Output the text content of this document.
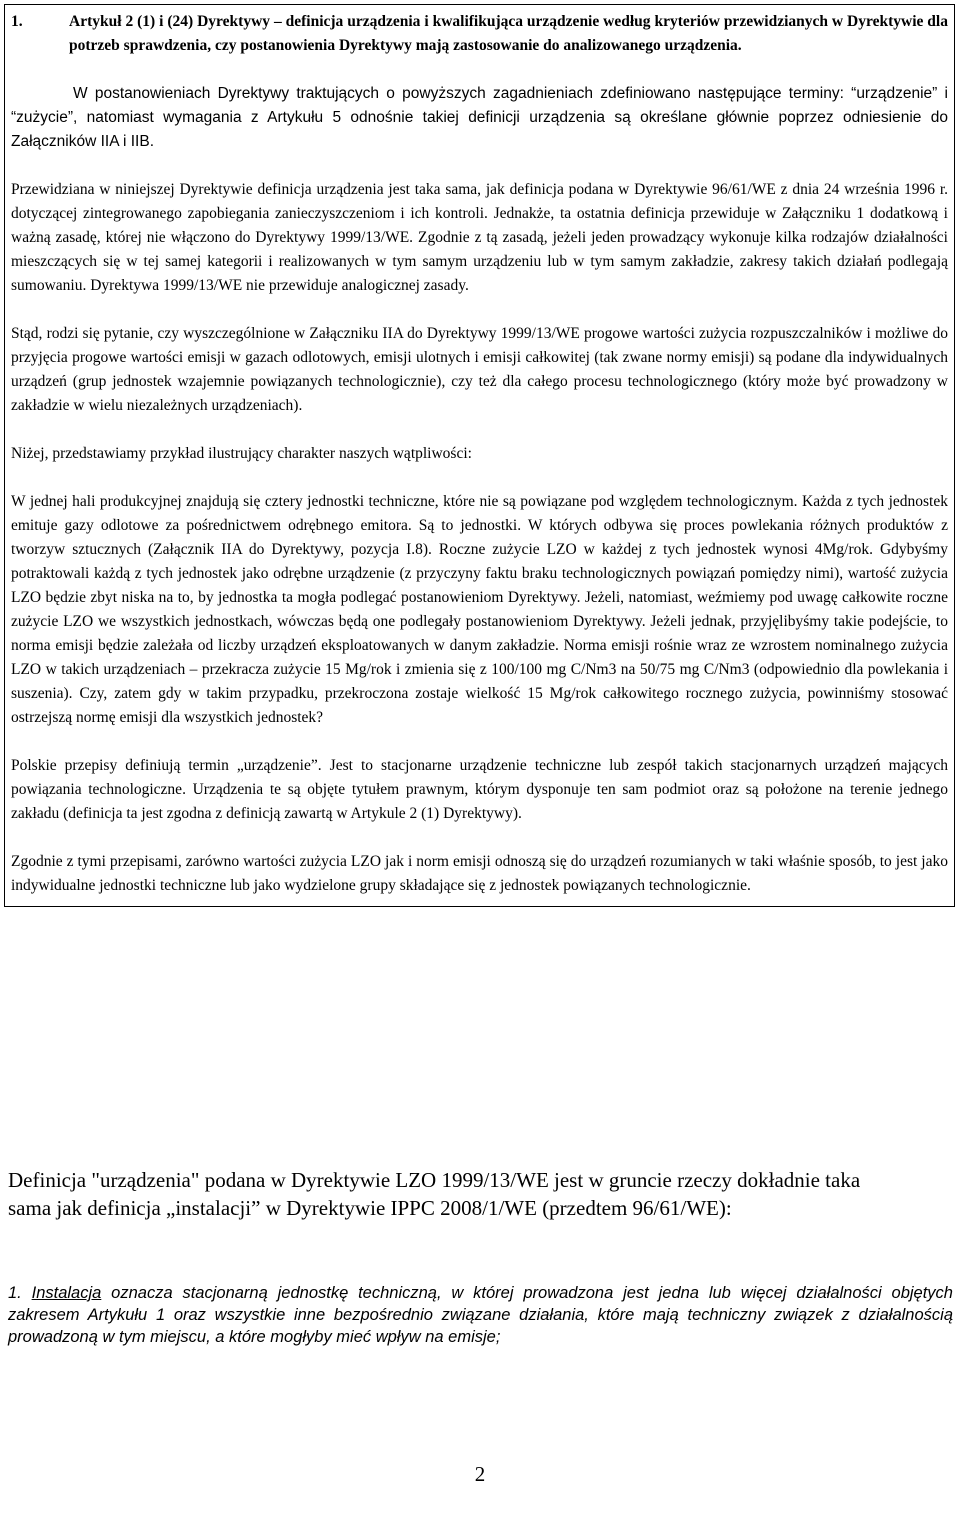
1.	Artykuł 2 (1) i (24) Dyrektywy – definicja urządzenia i kwalifikująca urządzenie według kryteriów przewidzianych w Dyrektywie dla potrzeb sprawdzenia, czy postanowienia Dyrektywy mają zastosowanie do analizowanego urządzenia.

W postanowieniach Dyrektywy traktujących o powyższych zagadnieniach zdefiniowano następujące terminy: “urządzenie” i “zużycie”, natomiast wymagania z Artykułu 5 odnośnie takiej definicji urządzenia są określane głównie poprzez odniesienie do Załączników IIA i IIB.

Przewidziana w niniejszej Dyrektywie definicja urządzenia jest taka sama, jak definicja podana w Dyrektywie 96/61/WE z dnia 24 września 1996 r. dotyczącej zintegrowanego zapobiegania zanieczyszczeniom i ich kontroli. Jednakże, ta ostatnia definicja przewiduje w Załączniku 1 dodatkową i ważną zasadę, której nie włączono do Dyrektywy 1999/13/WE. Zgodnie z tą zasadą, jeżeli jeden prowadzący wykonuje kilka rodzajów działalności mieszczących się w tej samej kategorii i realizowanych w tym samym urządzeniu lub w tym samym zakładzie, zakresy takich działań podlegają sumowaniu. Dyrektywa 1999/13/WE nie przewiduje analogicznej zasady.

Stąd, rodzi się pytanie, czy wyszczególnione w Załączniku IIA do Dyrektywy 1999/13/WE progowe wartości zużycia rozpuszczalników i możliwe do przyjęcia progowe wartości emisji w gazach odlotowych, emisji ulotnych i emisji całkowitej (tak zwane normy emisji) są podane dla indywidualnych urządzeń (grup jednostek wzajemnie powiązanych technologicznie), czy też dla całego procesu technologicznego (który może być prowadzony w zakładzie w wielu niezależnych urządzeniach).

Niżej, przedstawiamy przykład ilustrujący charakter naszych wątpliwości:

W jednej hali produkcyjnej znajdują się cztery jednostki techniczne, które nie są powiązane pod względem technologicznym. Każda z tych jednostek emituje gazy odlotowe za pośrednictwem odrębnego emitora. Są to jednostki. W których odbywa się proces powlekania różnych produktów z tworzyw sztucznych (Załącznik IIA do Dyrektywy, pozycja I.8). Roczne zużycie LZO w każdej z tych jednostek wynosi 4Mg/rok. Gdybyśmy potraktowali każdą z tych jednostek jako odrębne urządzenie (z przyczyny faktu braku technologicznych powiązań pomiędzy nimi), wartość zużycia LZO będzie zbyt niska na to, by jednostka ta mogła podlegać postanowieniom Dyrektywy. Jeżeli, natomiast, weźmiemy pod uwagę całkowite roczne zużycie LZO we wszystkich jednostkach, wówczas będą one podlegały postanowieniom Dyrektywy. Jeżeli jednak, przyjęlibyśmy takie podejście, to norma emisji będzie zależała od liczby urządzeń eksploatowanych w danym zakładzie. Norma emisji rośnie wraz ze wzrostem nominalnego zużycia LZO w takich urządzeniach – przekracza zużycie 15 Mg/rok i zmienia się z 100/100 mg C/Nm3 na 50/75 mg C/Nm3 (odpowiednio dla powlekania i suszenia). Czy, zatem gdy w takim przypadku, przekroczona zostaje wielkość 15 Mg/rok całkowitego rocznego zużycia, powinniśmy stosować ostrzejszą normę emisji dla wszystkich jednostek?

Polskie przepisy definiują termin „urządzenie”. Jest to stacjonarne urządzenie techniczne lub zespół takich stacjonarnych urządzeń mających powiązania technologiczne. Urządzenia te są objęte tytułem prawnym, którym dysponuje ten sam podmiot oraz są położone na terenie jednego zakładu (definicja ta jest zgodna z definicją zawartą w Artykule 2 (1) Dyrektywy).

Zgodnie z tymi przepisami, zarówno wartości zużycia LZO jak i norm emisji odnoszą się do urządzeń rozumianych w taki właśnie sposób, to jest jako indywidualne jednostki techniczne lub jako wydzielone grupy składające się z jednostek powiązanych technologicznie.

Definicja "urządzenia" podana w Dyrektywie LZO 1999/13/WE jest w gruncie rzeczy dokładnie taka sama jak definicja „instalacji” w Dyrektywie IPPC 2008/1/WE (przedtem 96/61/WE):

1. Instalacja oznacza stacjonarną jednostkę techniczną, w której prowadzona jest jedna lub więcej działalności objętych zakresem Artykułu 1 oraz wszystkie inne bezpośrednio związane działania, które mają techniczny związek z działalnością prowadzoną w tym miejscu, a które mogłyby mieć wpływ na emisje;

2
